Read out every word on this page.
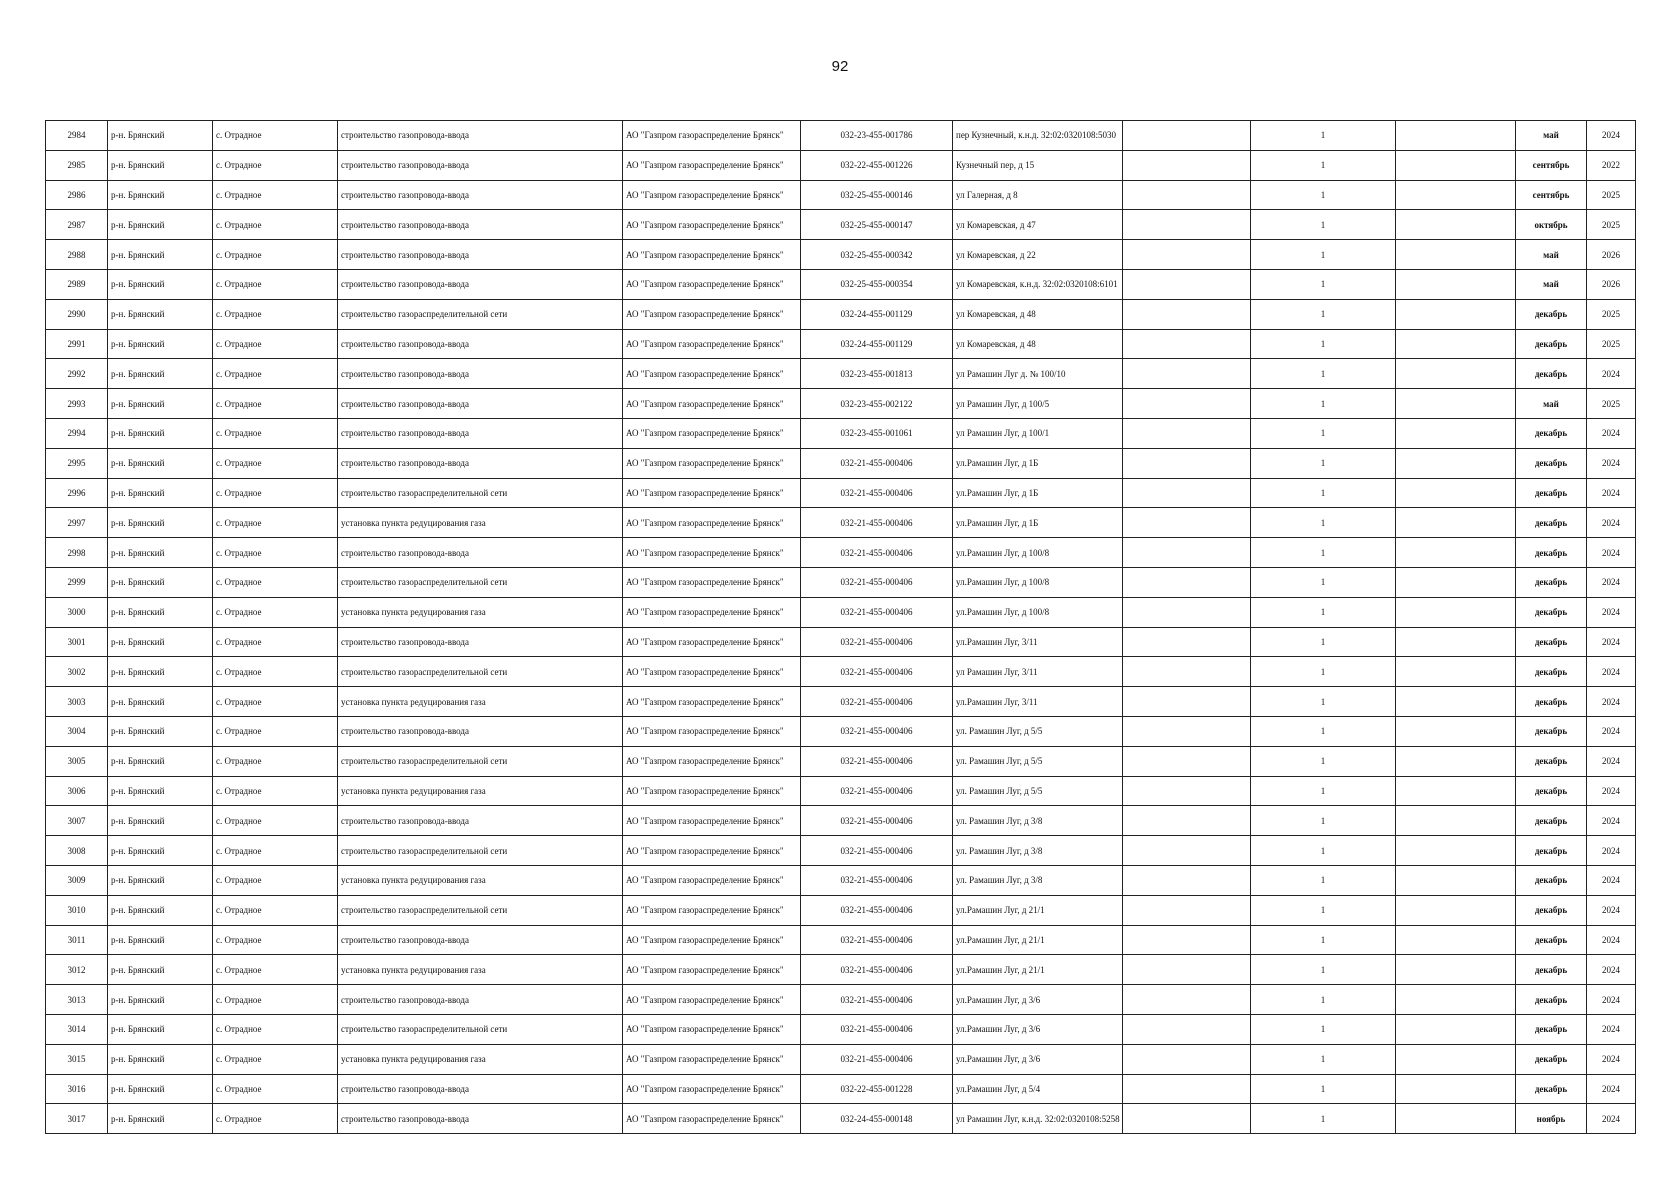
92
2984	р-н. Брянский	с. Отрадное	строительство газопровода-ввода	АО "Газпром газораспределение Брянск"	032-23-455-001786	пер Кузнечный, к.н.д. 32:02:0320108:5030		1		май	2024
2985	р-н. Брянский	с. Отрадное	строительство газопровода-ввода	АО "Газпром газораспределение Брянск"	032-22-455-001226	Кузнечный пер, д 15		1		сентябрь	2022
2986	р-н. Брянский	с. Отрадное	строительство газопровода-ввода	АО "Газпром газораспределение Брянск"	032-25-455-000146	ул Галерная, д 8		1		сентябрь	2025
2987	р-н. Брянский	с. Отрадное	строительство газопровода-ввода	АО "Газпром газораспределение Брянск"	032-25-455-000147	ул Комаревская, д 47		1		октябрь	2025
2988	р-н. Брянский	с. Отрадное	строительство газопровода-ввода	АО "Газпром газораспределение Брянск"	032-25-455-000342	ул Комаревская, д 22		1		май	2026
2989	р-н. Брянский	с. Отрадное	строительство газопровода-ввода	АО "Газпром газораспределение Брянск"	032-25-455-000354	ул Комаревская, к.н.д. 32:02:0320108:6101		1		май	2026
2990	р-н. Брянский	с. Отрадное	строительство газораспределительной сети	АО "Газпром газораспределение Брянск"	032-24-455-001129	ул Комаревская, д 48		1		декабрь	2025
2991	р-н. Брянский	с. Отрадное	строительство газопровода-ввода	АО "Газпром газораспределение Брянск"	032-24-455-001129	ул Комаревская, д 48		1		декабрь	2025
2992	р-н. Брянский	с. Отрадное	строительство газопровода-ввода	АО "Газпром газораспределение Брянск"	032-23-455-001813	ул Рамашин Луг д. № 100/10		1		декабрь	2024
2993	р-н. Брянский	с. Отрадное	строительство газопровода-ввода	АО "Газпром газораспределение Брянск"	032-23-455-002122	ул Рамашин Луг, д 100/5		1		май	2025
2994	р-н. Брянский	с. Отрадное	строительство газопровода-ввода	АО "Газпром газораспределение Брянск"	032-23-455-001061	ул Рамашин Луг, д 100/1		1		декабрь	2024
2995	р-н. Брянский	с. Отрадное	строительство газопровода-ввода	АО "Газпром газораспределение Брянск"	032-21-455-000406	ул.Рамашин Луг, д 1Б		1		декабрь	2024
2996	р-н. Брянский	с. Отрадное	строительство газораспределительной сети	АО "Газпром газораспределение Брянск"	032-21-455-000406	ул.Рамашин Луг, д 1Б		1		декабрь	2024
2997	р-н. Брянский	с. Отрадное	установка пункта редуцирования газа	АО "Газпром газораспределение Брянск"	032-21-455-000406	ул.Рамашин Луг, д 1Б		1		декабрь	2024
2998	р-н. Брянский	с. Отрадное	строительство газопровода-ввода	АО "Газпром газораспределение Брянск"	032-21-455-000406	ул.Рамашин Луг, д 100/8		1		декабрь	2024
2999	р-н. Брянский	с. Отрадное	строительство газораспределительной сети	АО "Газпром газораспределение Брянск"	032-21-455-000406	ул.Рамашин Луг, д 100/8		1		декабрь	2024
3000	р-н. Брянский	с. Отрадное	установка пункта редуцирования газа	АО "Газпром газораспределение Брянск"	032-21-455-000406	ул.Рамашин Луг, д 100/8		1		декабрь	2024
3001	р-н. Брянский	с. Отрадное	строительство газопровода-ввода	АО "Газпром газораспределение Брянск"	032-21-455-000406	ул.Рамашин Луг, 3/11		1		декабрь	2024
3002	р-н. Брянский	с. Отрадное	строительство газораспределительной сети	АО "Газпром газораспределение Брянск"	032-21-455-000406	ул Рамашин Луг, 3/11		1		декабрь	2024
3003	р-н. Брянский	с. Отрадное	установка пункта редуцирования газа	АО "Газпром газораспределение Брянск"	032-21-455-000406	ул.Рамашин Луг, 3/11		1		декабрь	2024
3004	р-н. Брянский	с. Отрадное	строительство газопровода-ввода	АО "Газпром газораспределение Брянск"	032-21-455-000406	ул. Рамашин Луг, д 5/5		1		декабрь	2024
3005	р-н. Брянский	с. Отрадное	строительство газораспределительной сети	АО "Газпром газораспределение Брянск"	032-21-455-000406	ул. Рамашин Луг, д 5/5		1		декабрь	2024
3006	р-н. Брянский	с. Отрадное	установка пункта редуцирования газа	АО "Газпром газораспределение Брянск"	032-21-455-000406	ул. Рамашин Луг, д 5/5		1		декабрь	2024
3007	р-н. Брянский	с. Отрадное	строительство газопровода-ввода	АО "Газпром газораспределение Брянск"	032-21-455-000406	ул. Рамашин Луг, д 3/8		1		декабрь	2024
3008	р-н. Брянский	с. Отрадное	строительство газораспределительной сети	АО "Газпром газораспределение Брянск"	032-21-455-000406	ул. Рамашин Луг, д 3/8		1		декабрь	2024
3009	р-н. Брянский	с. Отрадное	установка пункта редуцирования газа	АО "Газпром газораспределение Брянск"	032-21-455-000406	ул. Рамашин Луг, д 3/8		1		декабрь	2024
3010	р-н. Брянский	с. Отрадное	строительство газораспределительной сети	АО "Газпром газораспределение Брянск"	032-21-455-000406	ул.Рамашин Луг, д 21/1		1		декабрь	2024
3011	р-н. Брянский	с. Отрадное	строительство газопровода-ввода	АО "Газпром газораспределение Брянск"	032-21-455-000406	ул.Рамашин Луг, д 21/1		1		декабрь	2024
3012	р-н. Брянский	с. Отрадное	установка пункта редуцирования газа	АО "Газпром газораспределение Брянск"	032-21-455-000406	ул.Рамашин Луг, д 21/1		1		декабрь	2024
3013	р-н. Брянский	с. Отрадное	строительство газопровода-ввода	АО "Газпром газораспределение Брянск"	032-21-455-000406	ул.Рамашин Луг, д 3/6		1		декабрь	2024
3014	р-н. Брянский	с. Отрадное	строительство газораспределительной сети	АО "Газпром газораспределение Брянск"	032-21-455-000406	ул.Рамашин Луг, д 3/6		1		декабрь	2024
3015	р-н. Брянский	с. Отрадное	установка пункта редуцирования газа	АО "Газпром газораспределение Брянск"	032-21-455-000406	ул.Рамашин Луг, д 3/6		1		декабрь	2024
3016	р-н. Брянский	с. Отрадное	строительство газопровода-ввода	АО "Газпром газораспределение Брянск"	032-22-455-001228	ул.Рамашин Луг, д 5/4		1		декабрь	2024
3017	р-н. Брянский	с. Отрадное	строительство газопровода-ввода	АО "Газпром газораспределение Брянск"	032-24-455-000148	ул Рамашин Луг, к.н.д. 32:02:0320108:5258		1		ноябрь	2024
